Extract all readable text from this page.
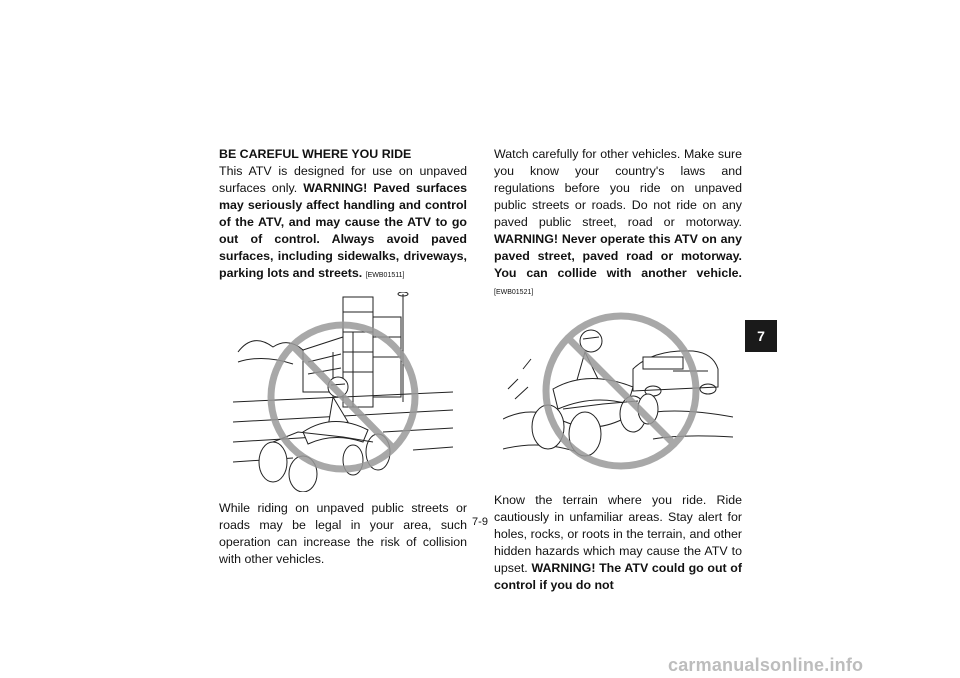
BE CAREFUL WHERE YOU RIDE
This ATV is designed for use on unpaved surfaces only. WARNING! Paved surfaces may seriously affect handling and control of the ATV, and may cause the ATV to go out of control. Always avoid paved surfaces, including sidewalks, driveways, parking lots and streets. [EWB01511]
While riding on unpaved public streets or roads may be legal in your area, such operation can increase the risk of collision with other vehicles.
Watch carefully for other vehicles. Make sure you know your country's laws and regulations before you ride on unpaved public streets or roads. Do not ride on any paved public street, road or motorway. WARNING! Never operate this ATV on any paved street, paved road or motorway. You can collide with another vehicle. [EWB01521]
Know the terrain where you ride. Ride cautiously in unfamiliar areas. Stay alert for holes, rocks, or roots in the terrain, and other hidden hazards which may cause the ATV to upset. WARNING! The ATV could go out of control if you do not
7-9
7
carmanualsonline.info
